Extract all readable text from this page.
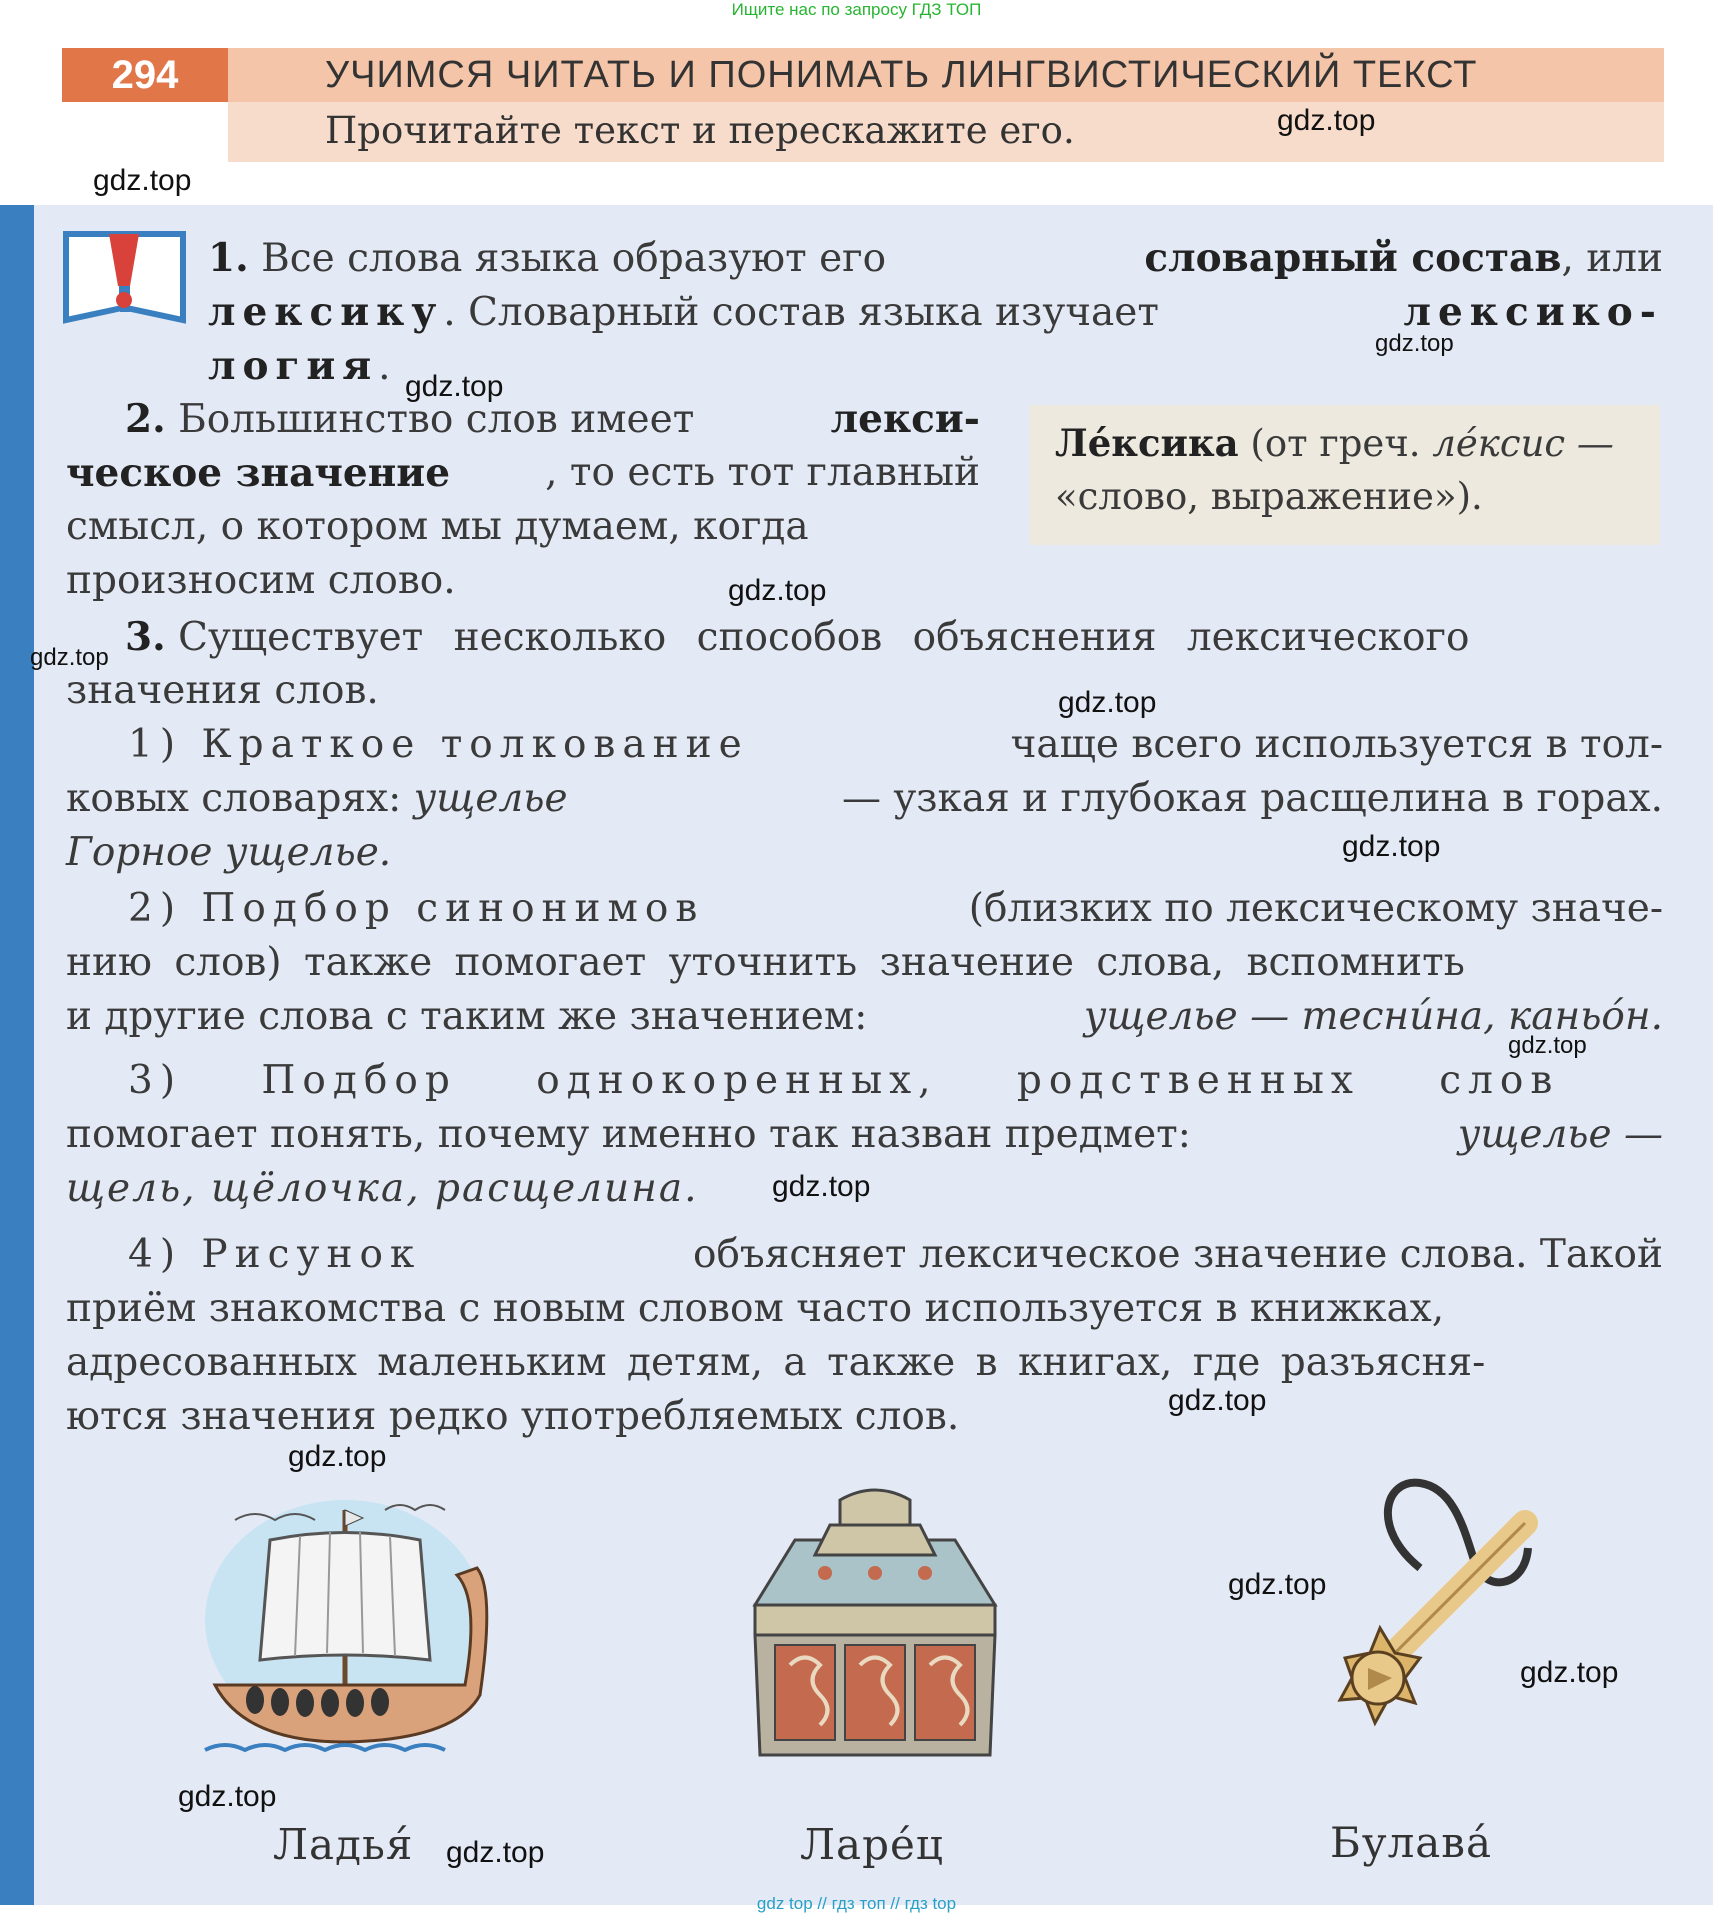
Ищите нас по запросу ГДЗ ТОП
294	УЧИМСЯ ЧИТАТЬ И ПОНИМАТЬ ЛИНГВИСТИЧЕСКИЙ ТЕКСТ
Прочитайте текст и перескажите его.	gdz.top
gdz.top
1. Все слова языка образуют его	словарный состав, или
лексику. Словарный состав языка изучает	лексико-
логия.
gdz.top
gdz.top
2. Большинство слов имеет	лекси-
ческое значение , то есть тот главный
смысл, о котором мы думаем, когда
произносим слово.	gdz.top
Ле́ксика (от греч. ле́ксис —
«слово, выражение»).
gdz.top 3. Существует несколько способов объяснения лексического
значения слов.	gdz.top
1) Краткое толкование	чаще всего используется в тол-
ковых словарях: ущелье	— узкая и глубокая расщелина в горах.
Горное ущелье.	gdz.top
2) Подбор синонимов	(близких по лексическому значе-
нию слов) также помогает уточнить значение слова, вспомнить
и другие слова с таким же значением:	ущелье — тесни́на, каньо́н.
gdz.top
3) Подбор однокоренных, родственных слов
помогает понять, почему именно так назван предмет:	ущелье —
щель, щёлочка, расщелина. gdz.top
4) Рисунок	объясняет лексическое значение слова. Такой
приём знакомства с новым словом часто используется в книжках,
адресованных маленьким детям, а также в книгах, где разъясня-
ются значения редко употребляемых слов.	gdz.top
gdz.top
gdz.top
Ладья́ gdz.top	Ларе́ц
gdz.top
gdz.top
Булава́
gdz top // гдз топ // гдз top
